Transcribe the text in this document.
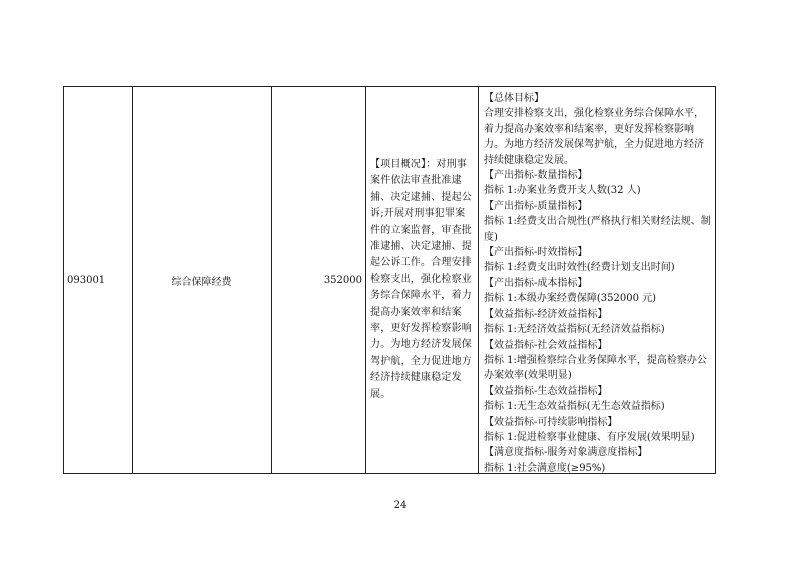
093001	综合保障经费	352000
【项目概况】：对刑事案件依法审查批准逮捕、决定逮捕、提起公诉;开展对刑事犯罪案件的立案监督，审查批准逮捕、决定逮捕、提起公诉工作。合理安排检察支出，强化检察业务综合保障水平，着力提高办案效率和结案率，更好发挥检察影响力。为地方经济发展保驾护航，全力促进地方经济持续健康稳定发展。
【总体目标】
合理安排检察支出，强化检察业务综合保障水平，着力提高办案效率和结案率，更好发挥检察影响力。为地方经济发展保驾护航，全力促进地方经济持续健康稳定发展。
【产出指标-数量指标】
指标 1:办案业务费开支人数(32 人)
【产出指标-质量指标】
指标 1:经费支出合规性(严格执行相关财经法规、制度)
【产出指标-时效指标】
指标 1:经费支出时效性(经费计划支出时间)
【产出指标-成本指标】
指标 1:本级办案经费保障(352000 元)
【效益指标-经济效益指标】
指标 1:无经济效益指标(无经济效益指标)
【效益指标-社会效益指标】
指标 1:增强检察综合业务保障水平，提高检察办公办案效率(效果明显)
【效益指标-生态效益指标】
指标 1:无生态效益指标(无生态效益指标)
【效益指标-可持续影响指标】
指标 1:促进检察事业健康、有序发展(效果明显)
【满意度指标-服务对象满意度指标】
指标 1:社会满意度(≥95%)
24
